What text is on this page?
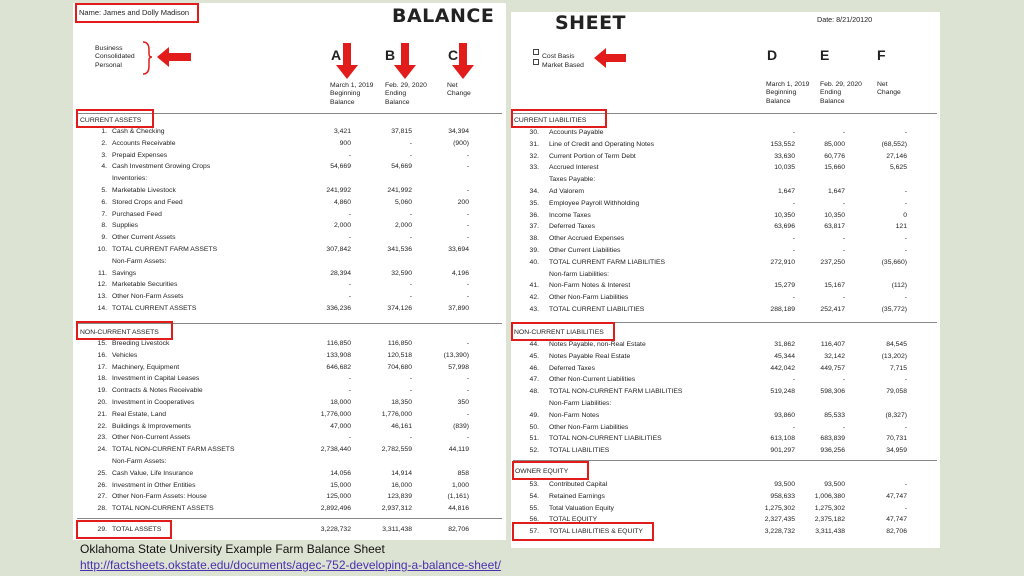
Name: James and Dolly Madison	BALANCE
Business
Consolidated
Personal
A	B	C
March 1, 2019
Beginning
Balance
Feb. 29, 2020
Ending
Balance
Net
Change
CURRENT ASSETS
1. Cash & Checking	3,421	37,815	34,394
2. Accounts Receivable	900	-	(900)
3. Prepaid Expenses	-	-	-
4. Cash Investment Growing Crops	54,669	54,669	-
Inventories:
5. Marketable Livestock	241,992	241,992	-
6. Stored Crops and Feed	4,860	5,060	200
7. Purchased Feed	-	-	-
8. Supplies	2,000	2,000	-
9. Other Current Assets	-	-	-
10. TOTAL CURRENT FARM ASSETS	307,842	341,536	33,694
Non-Farm Assets:
11. Savings	28,394	32,590	4,196
12. Marketable Securities	-	-	-
13. Other Non-Farm Assets	-	-	-
14. TOTAL CURRENT ASSETS	336,236	374,126	37,890
NON-CURRENT ASSETS
15. Breeding Livestock	116,850	116,850	-
16. Vehicles	133,908	120,518	(13,390)
17. Machinery, Equipment	646,682	704,680	57,998
18. Investment in Capital Leases	-	-	-
19. Contracts & Notes Receivable	-	-	-
20. Investment in Cooperatives	18,000	18,350	350
21. Real Estate, Land	1,776,000	1,776,000	-
22. Buildings & Improvements	47,000	46,161	(839)
23. Other Non-Current Assets	-	-	-
24. TOTAL NON-CURRENT FARM ASSETS	2,738,440	2,782,559	44,119
Non-Farm Assets:
25. Cash Value, Life Insurance	14,056	14,914	858
26. Investment in Other Entities	15,000	16,000	1,000
27. Other Non-Farm Assets: House	125,000	123,839	(1,161)
28. TOTAL NON-CURRENT ASSETS	2,892,496	2,937,312	44,816
29. TOTAL ASSETS	3,228,732	3,311,438	82,706
SHEET	Date: 8/21/20120
Cost Basis
Market Based
D	E	F
March 1, 2019
Beginning
Balance
Feb. 29, 2020
Ending
Balance
Net
Change
CURRENT LIABILITIES
30. Accounts Payable	-	-	-
31. Line of Credit and Operating Notes	153,552	85,000	(68,552)
32. Current Portion of Term Debt	33,630	60,776	27,146
33. Accrued Interest	10,035	15,660	5,625
Taxes Payable:
34. Ad Valorem	1,647	1,647	-
35. Employee Payroll Withholding	-	-	-
36. Income Taxes	10,350	10,350	0
37. Deferred Taxes	63,696	63,817	121
38. Other Accrued Expenses	-	-	-
39. Other Current Liabilities	-	-	-
40. TOTAL CURRENT FARM LIABILITIES	272,910	237,250	(35,660)
Non-farm Liabilities:
41. Non-Farm Notes & Interest	15,279	15,167	(112)
42. Other Non-Farm Liabilities	-	-	-
43. TOTAL CURRENT LIABILITIES	288,189	252,417	(35,772)
NON-CURRENT LIABILITIES
44. Notes Payable, non-Real Estate	31,862	116,407	84,545
45. Notes Payable Real Estate	45,344	32,142	(13,202)
46. Deferred Taxes	442,042	449,757	7,715
47. Other Non-Current Liabilities	-	-	-
48. TOTAL NON-CURRENT FARM LIABILITIES	519,248	598,306	79,058
Non-Farm Liabilities:
49. Non-Farm Notes	93,860	85,533	(8,327)
50. Other Non-Farm Liabilities	-	-	-
51. TOTAL NON-CURRENT LIABILITIES	613,108	683,839	70,731
52. TOTAL LIABILITIES	901,297	936,256	34,959
OWNER EQUITY
53. Contributed Capital	93,500	93,500	-
54. Retained Earnings	958,633	1,006,380	47,747
55. Total Valuation Equity	1,275,302	1,275,302	-
56. TOTAL EQUITY	2,327,435	2,375,182	47,747
57. TOTAL LIABILITIES & EQUITY	3,228,732	3,311,438	82,706
Oklahoma State University Example Farm Balance Sheet
http://factsheets.okstate.edu/documents/agec-752-developing-a-balance-sheet/
